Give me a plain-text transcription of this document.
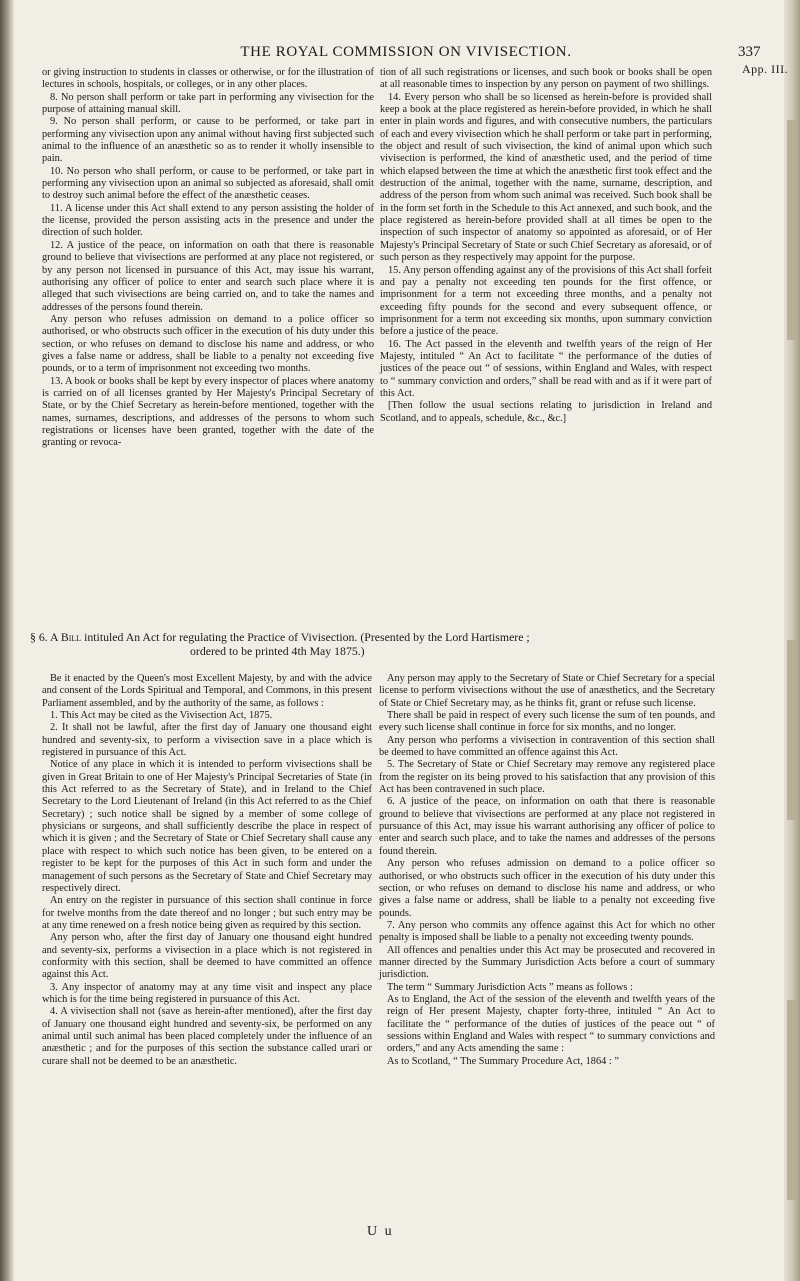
THE ROYAL COMMISSION ON VIVISECTION.	337
App. III.

or giving instruction to students in classes or otherwise, or for the illustration of lectures in schools, hospitals, or colleges, or in any other places.

8. No person shall perform or take part in performing any vivisection for the purpose of attaining manual skill.

9. No person shall perform, or cause to be performed, or take part in performing any vivisection upon any animal without having first subjected such animal to the influence of an anæsthetic so as to render it wholly insensible to pain.

10. No person who shall perform, or cause to be performed, or take part in performing any vivisection upon an animal so subjected as aforesaid, shall omit to destroy such animal before the effect of the anæsthetic ceases.

11. A license under this Act shall extend to any person assisting the holder of the license, provided the person assisting acts in the presence and under the direction of such holder.

12. A justice of the peace, on information on oath that there is reasonable ground to believe that vivisections are performed at any place not registered, or by any person not licensed in pursuance of this Act, may issue his warrant, authorising any officer of police to enter and search such place where it is alleged that such vivisections are being carried on, and to take the names and addresses of the persons found therein.

Any person who refuses admission on demand to a police officer so authorised, or who obstructs such officer in the execution of his duty under this section, or who refuses on demand to disclose his name and address, or who gives a false name or address, shall be liable to a penalty not exceeding five pounds, or to a term of imprisonment not exceeding two months.

13. A book or books shall be kept by every inspector of places where anatomy is carried on of all licenses granted by Her Majesty's Principal Secretary of State, or by the Chief Secretary as herein-before mentioned, together with the names, surnames, descriptions, and addresses of the persons to whom such registrations or licenses have been granted, together with the date of the granting or revoca-

tion of all such registrations or licenses, and such book or books shall be open at all reasonable times to inspection by any person on payment of two shillings.

14. Every person who shall be so licensed as herein-before is provided shall keep a book at the place registered as herein-before provided, in which he shall enter in plain words and figures, and with consecutive numbers, the particulars of each and every vivisection which he shall perform or take part in performing, the object and result of such vivisection, the kind of animal upon which such vivisection is performed, the kind of anæsthetic used, and the period of time which elapsed between the time at which the anæsthetic first took effect and the destruction of the animal, together with the name, surname, description, and address of the person from whom such animal was received. Such book shall be in the form set forth in the Schedule to this Act annexed, and such book, and the place registered as herein-before provided shall at all times be open to the inspection of such inspector of anatomy so appointed as aforesaid, or of Her Majesty's Principal Secretary of State or such Chief Secretary as aforesaid, or of such person as they respectively may appoint for the purpose.

15. Any person offending against any of the provisions of this Act shall forfeit and pay a penalty not exceeding ten pounds for the first offence, or imprisonment for a term not exceeding three months, and a penalty not exceeding fifty pounds for the second and every subsequent offence, or imprisonment for a term not exceeding six months, upon summary conviction before a justice of the peace.

16. The Act passed in the eleventh and twelfth years of the reign of Her Majesty, intituled “ An Act to facilitate “ the performance of the duties of justices of the peace out “ of sessions, within England and Wales, with respect to “ summary conviction and orders,” shall be read with and as if it were part of this Act.

[Then follow the usual sections relating to jurisdiction in Ireland and Scotland, and to appeals, schedule, &c., &c.]

§ 6. A Bill intituled An Act for regulating the Practice of Vivisection. (Presented by the Lord Hartismere ;
ordered to be printed 4th May 1875.)

Be it enacted by the Queen's most Excellent Majesty, by and with the advice and consent of the Lords Spiritual and Temporal, and Commons, in this present Parliament assembled, and by the authority of the same, as follows :

1. This Act may be cited as the Vivisection Act, 1875.

2. It shall not be lawful, after the first day of January one thousand eight hundred and seventy-six, to perform a vivisection save in a place which is registered in pursuance of this Act.

Notice of any place in which it is intended to perform vivisections shall be given in Great Britain to one of Her Majesty's Principal Secretaries of State (in this Act referred to as the Secretary of State), and in Ireland to the Chief Secretary to the Lord Lieutenant of Ireland (in this Act referred to as the Chief Secretary) ; such notice shall be signed by a member of some college of physicians or surgeons, and shall sufficiently describe the place in respect of which it is given ; and the Secretary of State or Chief Secretary shall cause any place with respect to which such notice has been given, to be entered on a register to be kept for the purposes of this Act in such form and under the management of such persons as the Secretary of State and Chief Secretary may respectively direct.

An entry on the register in pursuance of this section shall continue in force for twelve months from the date thereof and no longer ; but such entry may be at any time renewed on a fresh notice being given as required by this section.

Any person who, after the first day of January one thousand eight hundred and seventy-six, performs a vivisection in a place which is not registered in conformity with this section, shall be deemed to have committed an offence against this Act.

3. Any inspector of anatomy may at any time visit and inspect any place which is for the time being registered in pursuance of this Act.

4. A vivisection shall not (save as herein-after mentioned), after the first day of January one thousand eight hundred and seventy-six, be performed on any animal until such animal has been placed completely under the influence of an anæsthetic ; and for the purposes of this section the substance called urari or curare shall not be deemed to be an anæsthetic.

Any person may apply to the Secretary of State or Chief Secretary for a special license to perform vivisections without the use of anæsthetics, and the Secretary of State or Chief Secretary may, as he thinks fit, grant or refuse such license.

There shall be paid in respect of every such license the sum of ten pounds, and every such license shall continue in force for six months, and no longer.

Any person who performs a vivisection in contravention of this section shall be deemed to have committed an offence against this Act.

5. The Secretary of State or Chief Secretary may remove any registered place from the register on its being proved to his satisfaction that any provision of this Act has been contravened in such place.

6. A justice of the peace, on information on oath that there is reasonable ground to believe that vivisections are performed at any place not registered in pursuance of this Act, may issue his warrant authorising any officer of police to enter and search such place, and to take the names and addresses of the persons found therein.

Any person who refuses admission on demand to a police officer so authorised, or who obstructs such officer in the execution of his duty under this section, or who refuses on demand to disclose his name and address, or who gives a false name or address, shall be liable to a penalty not exceeding five pounds.

7. Any person who commits any offence against this Act for which no other penalty is imposed shall be liable to a penalty not exceeding twenty pounds.

All offences and penalties under this Act may be prosecuted and recovered in manner directed by the Summary Jurisdiction Acts before a court of summary jurisdiction.

The term “ Summary Jurisdiction Acts ” means as follows :

As to England, the Act of the session of the eleventh and twelfth years of the reign of Her present Majesty, chapter forty-three, intituled “ An Act to facilitate the “ performance of the duties of justices of the peace out “ of sessions within England and Wales with respect “ to summary convictions and orders,” and any Acts amending the same :

As to Scotland, “ The Summary Procedure Act, 1864 : ”

U u
